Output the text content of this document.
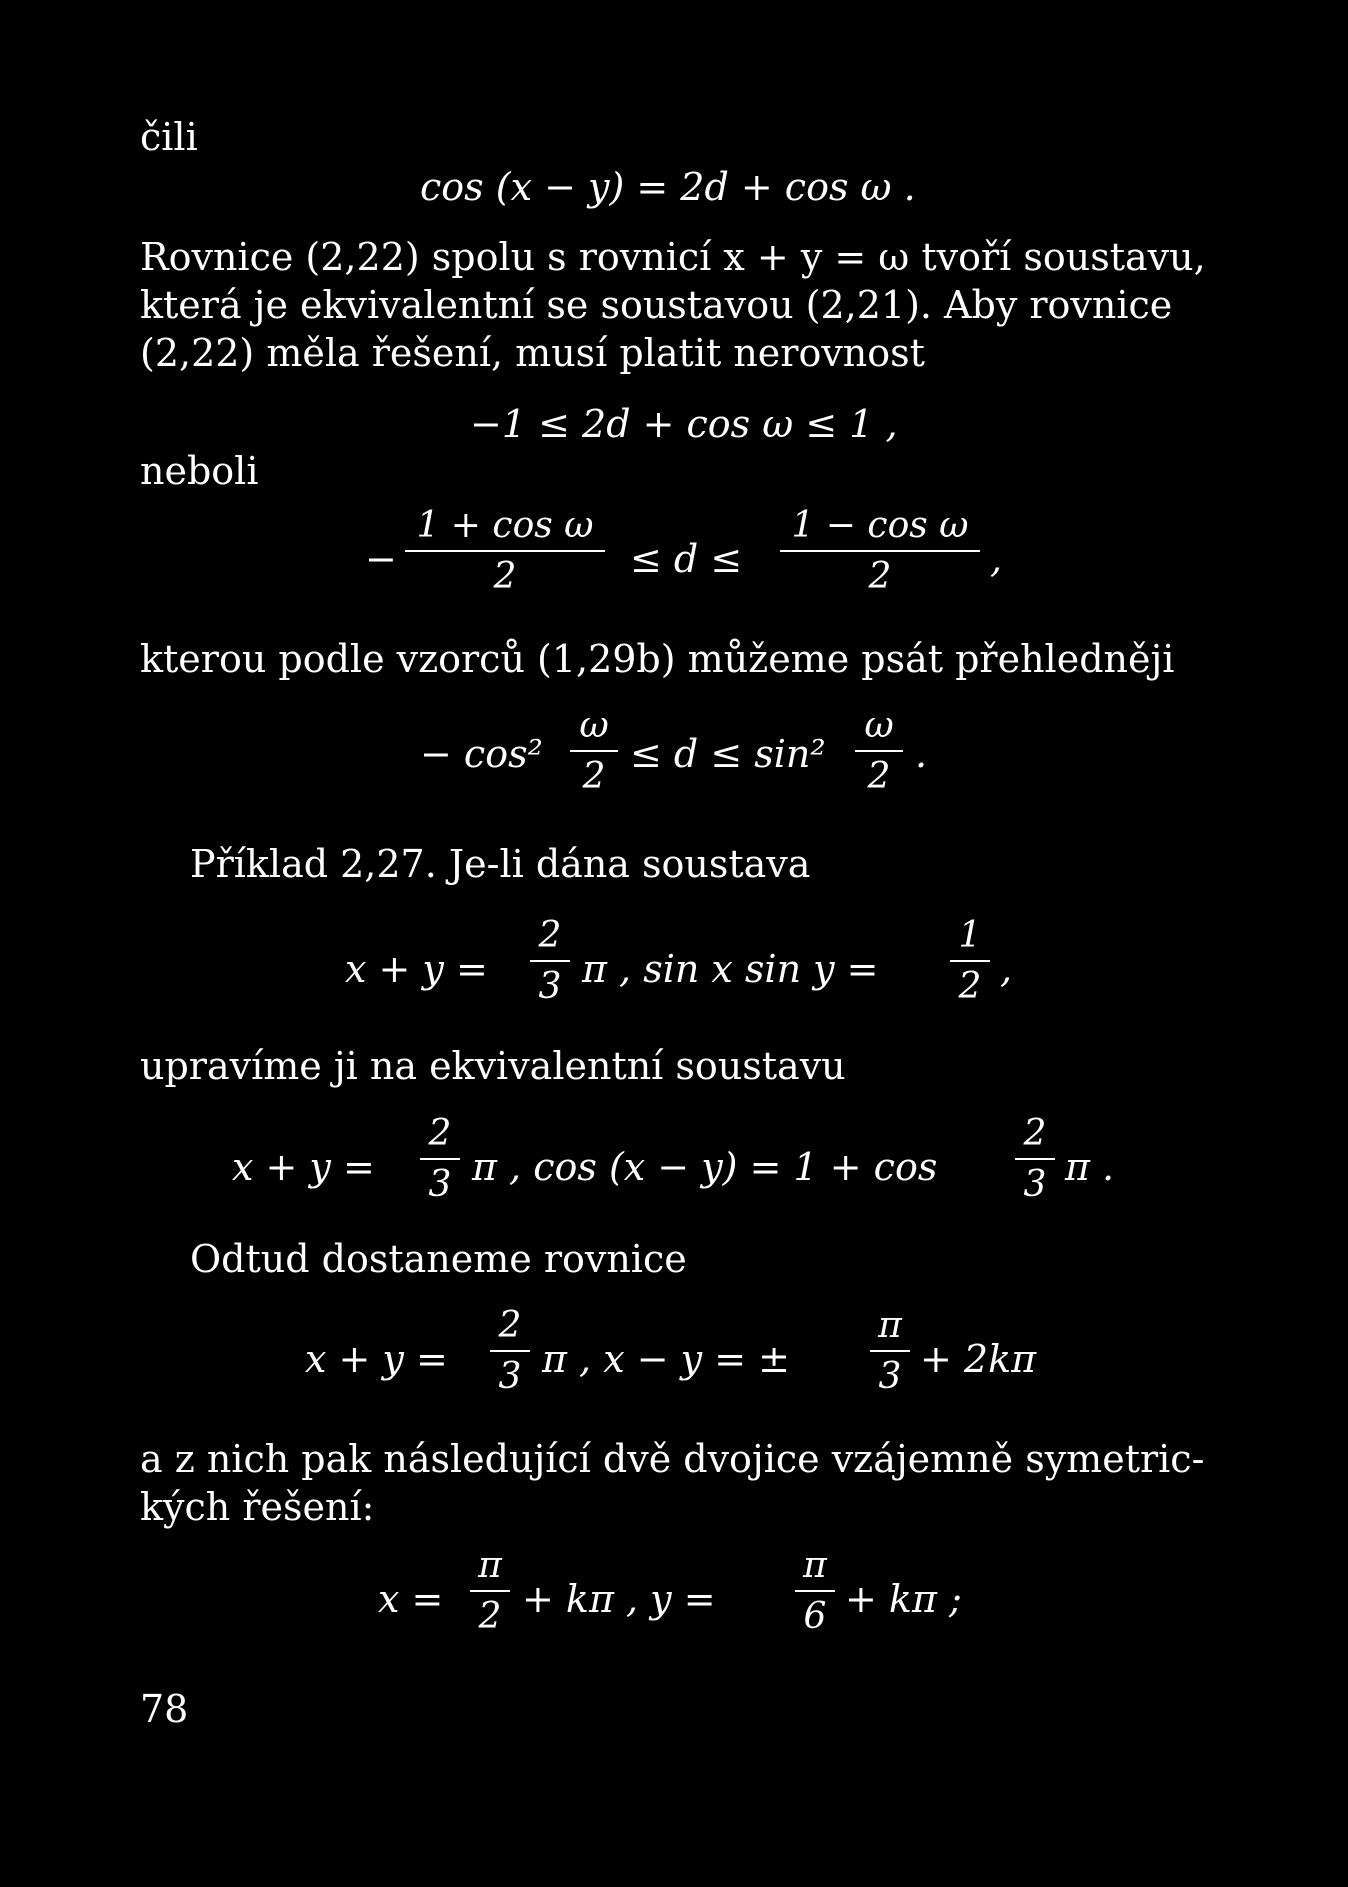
čili
cos (x − y) = 2d + cos ω .
Rovnice (2,22) spolu s rovnicí x + y = ω tvoří soustavu,
která je ekvivalentní se soustavou (2,21). Aby rovnice
(2,22) měla řešení, musí platit nerovnost
−1 ≤ 2d + cos ω ≤ 1 ,
neboli
−
1 + cos ω
2	≤ d ≤
1 − cos ω
2	,
kterou podle vzorců (1,29b) můžeme psát přehledněji
− cos²
ω
2
≤ d ≤ sin²
ω
2
.
Příklad 2,27. Je-li dána soustava
x + y =
2
3 π , sin x sin y =
1
2 ,
upravíme ji na ekvivalentní soustavu
x + y =
2
3 π , cos (x − y) = 1 + cos
2
3 π .
Odtud dostaneme rovnice
x + y =
2
3 π , x − y = ±
π
3 + 2kπ
a z nich pak následující dvě dvojice vzájemně symetric-
kých řešení:
x =
π
2 + kπ , y =
π
6 + kπ ;
78
